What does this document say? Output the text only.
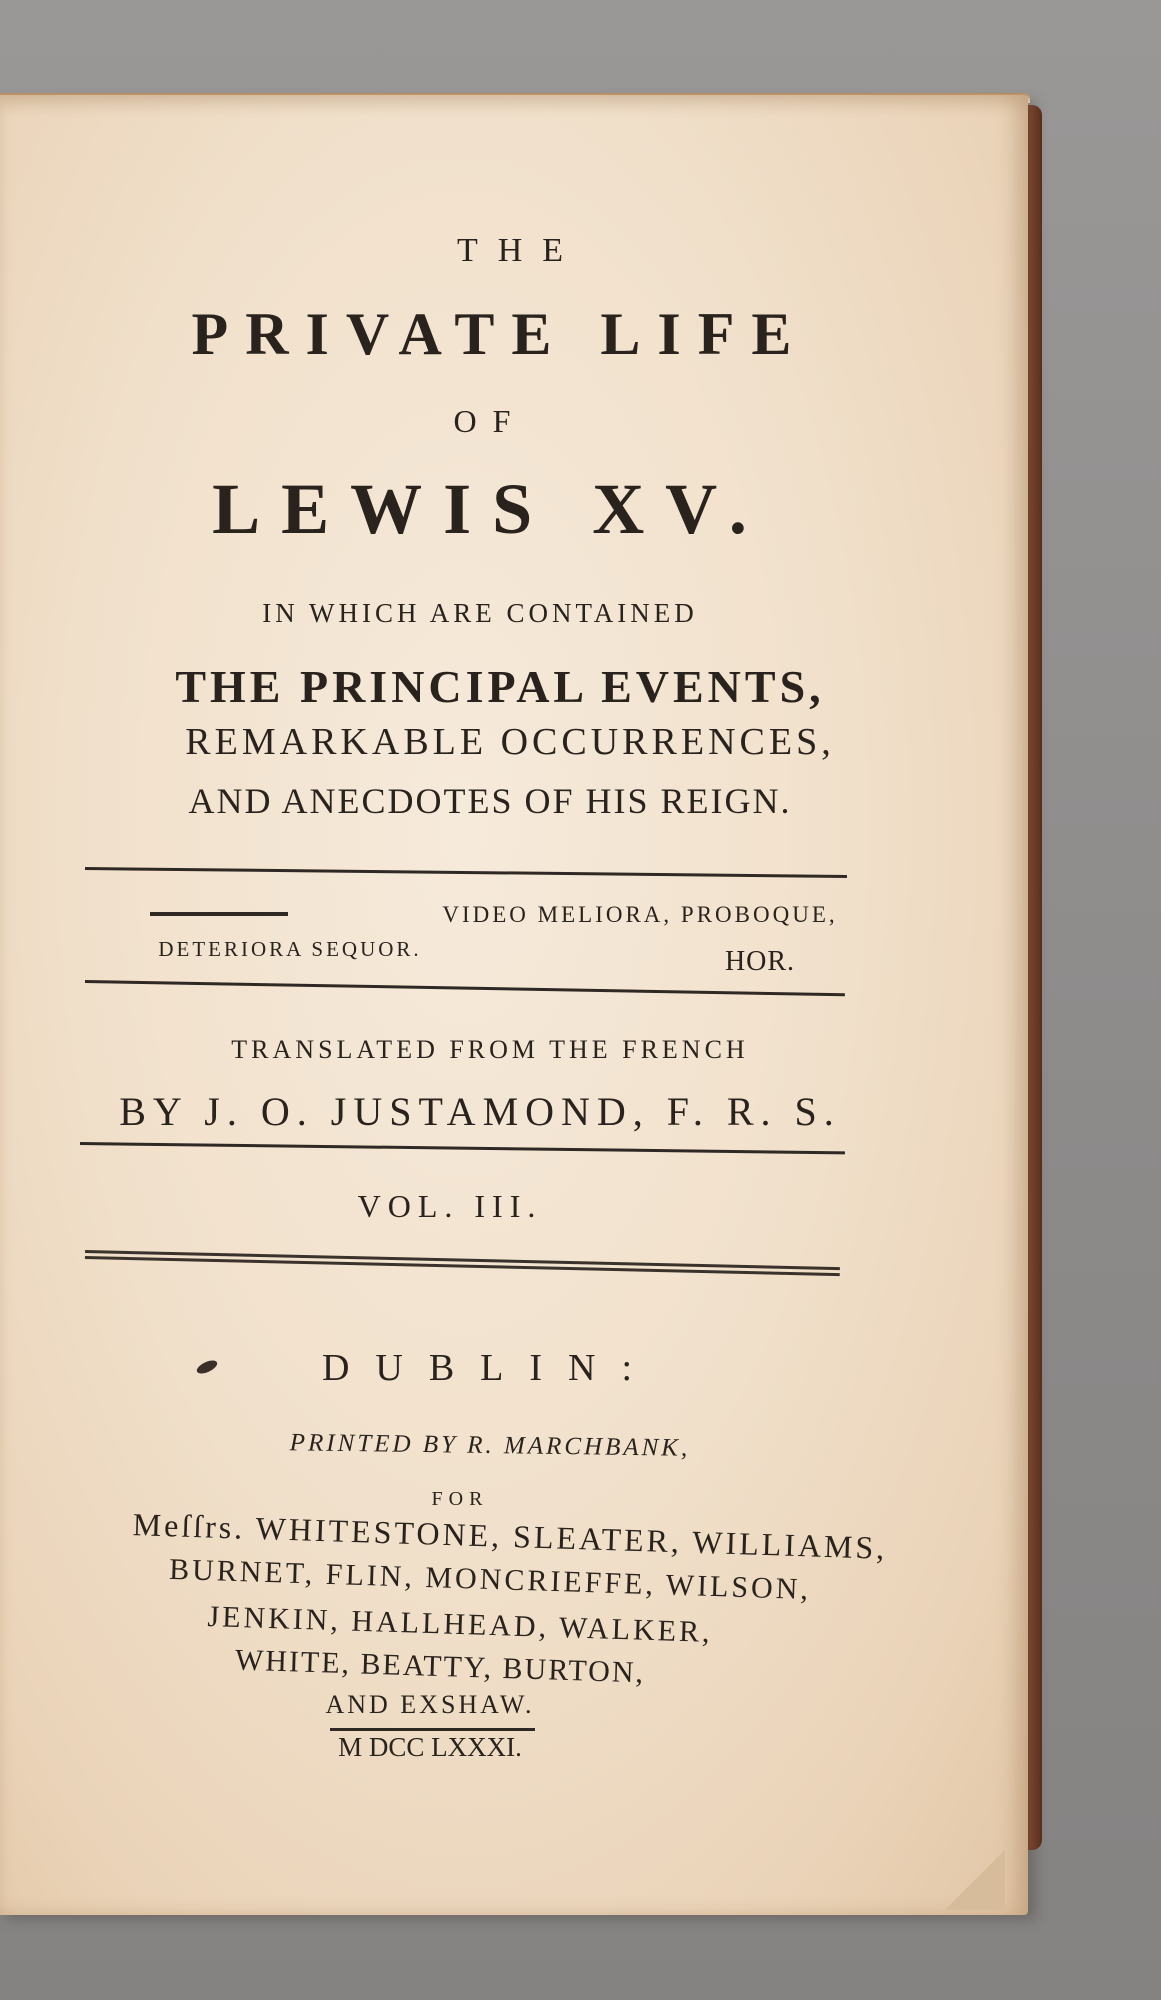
THE

PRIVATE LIFE

OF

LEWIS XV.

IN WHICH ARE CONTAINED

THE PRINCIPAL EVENTS,

REMARKABLE OCCURRENCES,

AND ANECDOTES OF HIS REIGN.

VIDEO MELIORA, PROBOQUE,

DETERIORA SEQUOR.	HOR.

TRANSLATED FROM THE FRENCH

BY J. O. JUSTAMOND, F. R. S.

VOL. III.

DUBLIN:

PRINTED BY R. MARCHBANK,

FOR

Meſſrs. WHITESTONE, SLEATER, WILLIAMS,

BURNET, FLIN, MONCRIEFFE, WILSON,

JENKIN, HALLHEAD, WALKER,

WHITE, BEATTY, BURTON,

AND EXSHAW.

M DCC LXXXI.
